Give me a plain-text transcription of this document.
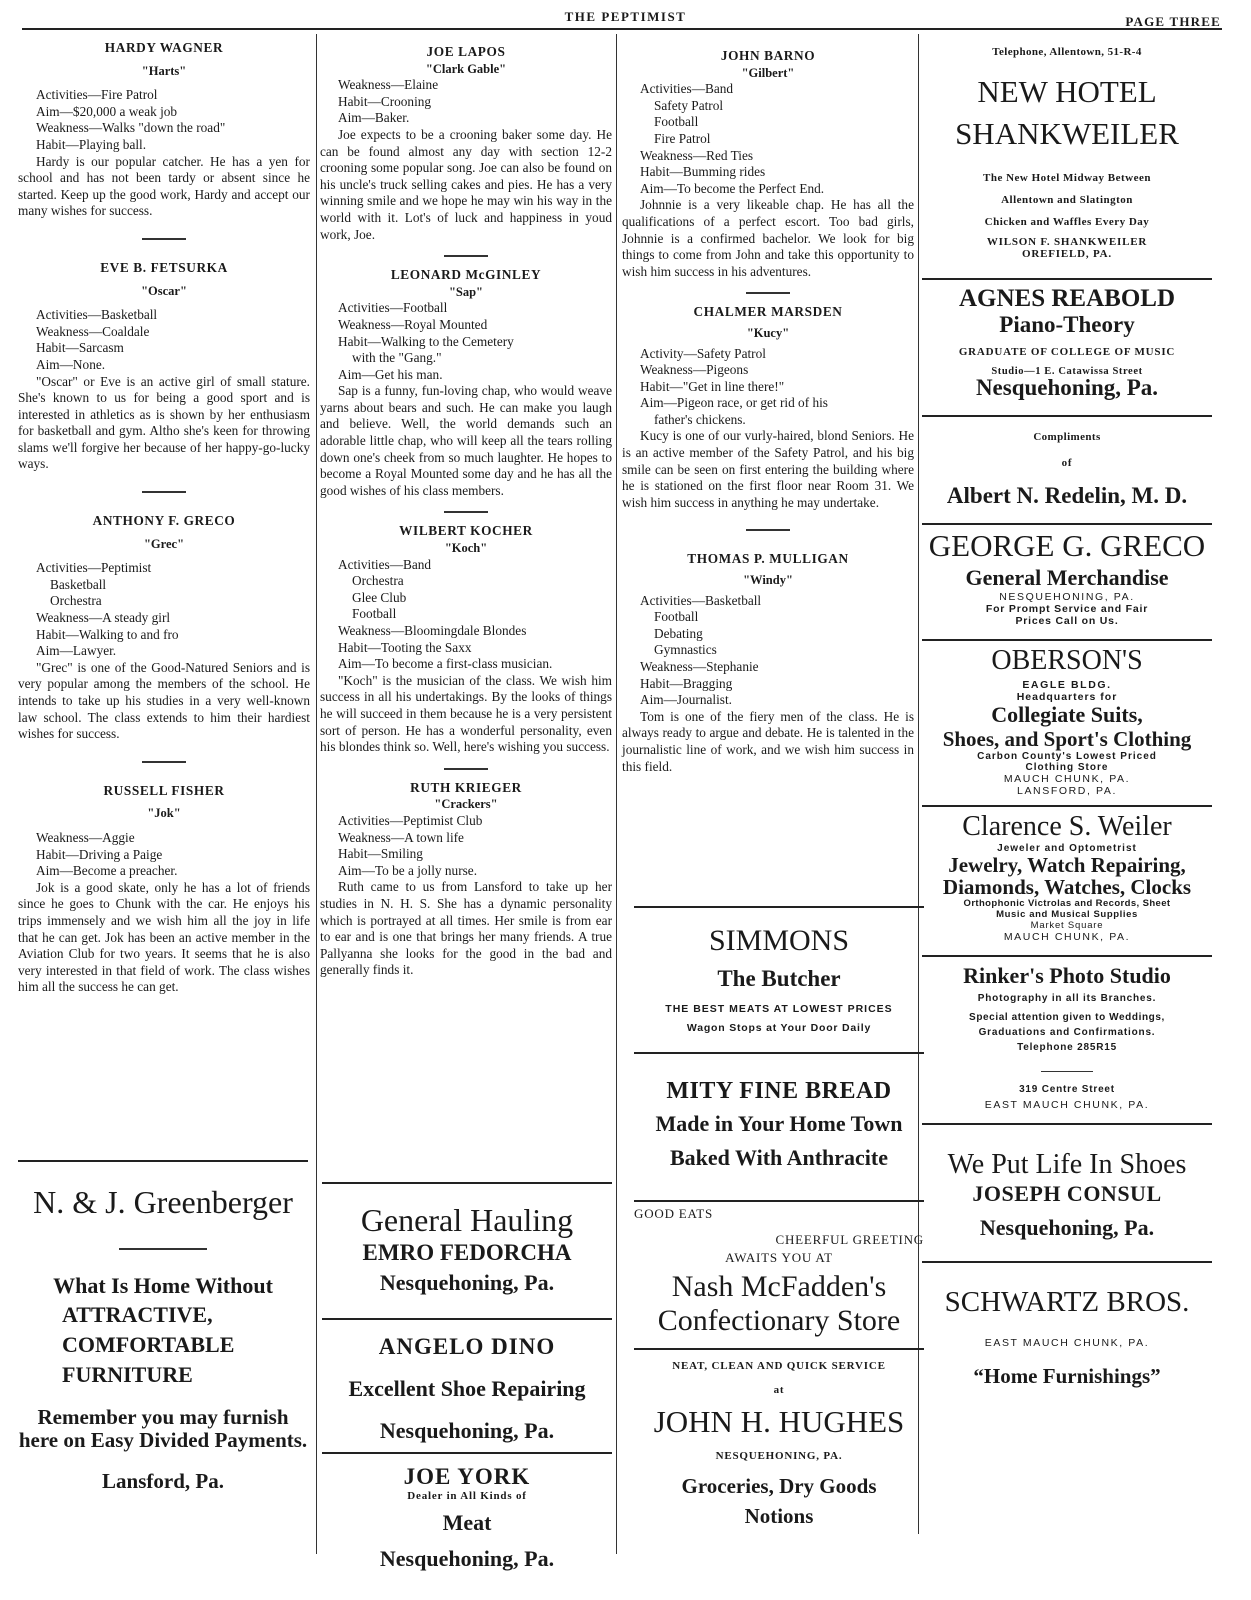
THE PEPTIMIST	PAGE THREE
HARDY WAGNER
"Harts"
Activities—Fire Patrol
Aim—$20,000 a weak job
Weakness—Walks "down the road"
Habit—Playing ball.
Hardy is our popular catcher. He has a yen for school and has not been tardy or absent since he started. Keep up the good work, Hardy and accept our many wishes for success.
EVE B. FETSURKA
"Oscar"
Activities—Basketball
Weakness—Coaldale
Habit—Sarcasm
Aim—None.
"Oscar" or Eve is an active girl of small stature. She's known to us for being a good sport and is interested in athletics as is shown by her enthusiasm for basketball and gym. Altho she's keen for throwing slams we'll forgive her because of her happy-go-lucky ways.
ANTHONY F. GRECO
"Grec"
Activities—Peptimist
Basketball
Orchestra
Weakness—A steady girl
Habit—Walking to and fro
Aim—Lawyer.
"Grec" is one of the Good-Natured Seniors and is very popular among the members of the school. He intends to take up his studies in a very well-known law school. The class extends to him their hardiest wishes for success.
RUSSELL FISHER
"Jok"
Weakness—Aggie
Habit—Driving a Paige
Aim—Become a preacher.
Jok is a good skate, only he has a lot of friends since he goes to Chunk with the car. He enjoys his trips immensely and we wish him all the joy in life that he can get. Jok has been an active member in the Aviation Club for two years. It seems that he is also very interested in that field of work. The class wishes him all the success he can get.
N. & J. Greenberger
What Is Home Without
ATTRACTIVE,
COMFORTABLE
FURNITURE
Remember you may furnish here on Easy Divided Payments.
Lansford, Pa.
JOE LAPOS
"Clark Gable"
Weakness—Elaine
Habit—Crooning
Aim—Baker.
Joe expects to be a crooning baker some day. He can be found almost any day with section 12-2 crooning some popular song. Joe can also be found on his uncle's truck selling cakes and pies. He has a very winning smile and we hope he may win his way in the world with it. Lot's of luck and happiness in youd work, Joe.
LEONARD McGINLEY
"Sap"
Activities—Football
Weakness—Royal Mounted
Habit—Walking to the Cemetery
with the "Gang."
Aim—Get his man.
Sap is a funny, fun-loving chap, who would weave yarns about bears and such. He can make you laugh and believe. Well, the world demands such an adorable little chap, who will keep all the tears rolling down one's cheek from so much laughter. He hopes to become a Royal Mounted some day and he has all the good wishes of his class members.
WILBERT KOCHER
"Koch"
Activities—Band
Orchestra
Glee Club
Football
Weakness—Bloomingdale Blondes
Habit—Tooting the Saxx
Aim—To become a first-class musician.
"Koch" is the musician of the class. We wish him success in all his undertakings. By the looks of things he will succeed in them because he is a very persistent sort of person. He has a wonderful personality, even his blondes think so. Well, here's wishing you success.
RUTH KRIEGER
"Crackers"
Activities—Peptimist Club
Weakness—A town life
Habit—Smiling
Aim—To be a jolly nurse.
Ruth came to us from Lansford to take up her studies in N. H. S. She has a dynamic personality which is portrayed at all times. Her smile is from ear to ear and is one that brings her many friends. A true Pallyanna she looks for the good in the bad and generally finds it.
General Hauling
EMRO FEDORCHA
Nesquehoning, Pa.
ANGELO DINO
Excellent Shoe Repairing
Nesquehoning, Pa.
JOE YORK
Dealer in All Kinds of
Meat
Nesquehoning, Pa.
JOHN BARNO
"Gilbert"
Activities—Band
Safety Patrol
Football
Fire Patrol
Weakness—Red Ties
Habit—Bumming rides
Aim—To become the Perfect End.
Johnnie is a very likeable chap. He has all the qualifications of a perfect escort. Too bad girls, Johnnie is a confirmed bachelor. We look for big things to come from John and take this opportunity to wish him success in his adventures.
CHALMER MARSDEN
"Kucy"
Activity—Safety Patrol
Weakness—Pigeons
Habit—"Get in line there!"
Aim—Pigeon race, or get rid of his
father's chickens.
Kucy is one of our vurly-haired, blond Seniors. He is an active member of the Safety Patrol, and his big smile can be seen on first entering the building where he is stationed on the first floor near Room 31. We wish him success in anything he may undertake.
THOMAS P. MULLIGAN
"Windy"
Activities—Basketball
Football
Debating
Gymnastics
Weakness—Stephanie
Habit—Bragging
Aim—Journalist.
Tom is one of the fiery men of the class. He is always ready to argue and debate. He is talented in the journalistic line of work, and we wish him success in this field.
SIMMONS
The Butcher
THE BEST MEATS AT LOWEST PRICES
Wagon Stops at Your Door Daily
MITY FINE BREAD
Made in Your Home Town
Baked With Anthracite
GOOD EATS
CHEERFUL GREETING
AWAITS YOU AT
Nash McFadden's
Confectionary Store
NEAT, CLEAN AND QUICK SERVICE
at
JOHN H. HUGHES
NESQUEHONING, PA.
Groceries, Dry Goods
Notions
Telephone, Allentown, 51-R-4
NEW HOTEL
SHANKWEILER
The New Hotel Midway Between
Allentown and Slatington
Chicken and Waffles Every Day
WILSON F. SHANKWEILER
OREFIELD, PA.
AGNES REABOLD
Piano-Theory
GRADUATE OF COLLEGE OF MUSIC
Studio—1 E. Catawissa Street
Nesquehoning, Pa.
Compliments
of
Albert N. Redelin, M. D.
GEORGE G. GRECO
General Merchandise
NESQUEHONING, PA.
For Prompt Service and Fair
Prices Call on Us.
OBERSON'S
EAGLE BLDG.
Headquarters for
Collegiate Suits,
Shoes, and Sport's Clothing
Carbon County's Lowest Priced
Clothing Store
MAUCH CHUNK, PA.
LANSFORD, PA.
Clarence S. Weiler
Jeweler and Optometrist
Jewelry, Watch Repairing,
Diamonds, Watches, Clocks
Orthophonic Victrolas and Records, Sheet
Music and Musical Supplies
Market Square
MAUCH CHUNK, PA.
Rinker's Photo Studio
Photography in all its Branches.
Special attention given to Weddings,
Graduations and Confirmations.
Telephone 285R15
319 Centre Street
EAST MAUCH CHUNK, PA.
We Put Life In Shoes
JOSEPH CONSUL
Nesquehoning, Pa.
SCHWARTZ BROS.
EAST MAUCH CHUNK, PA.
“Home Furnishings”
